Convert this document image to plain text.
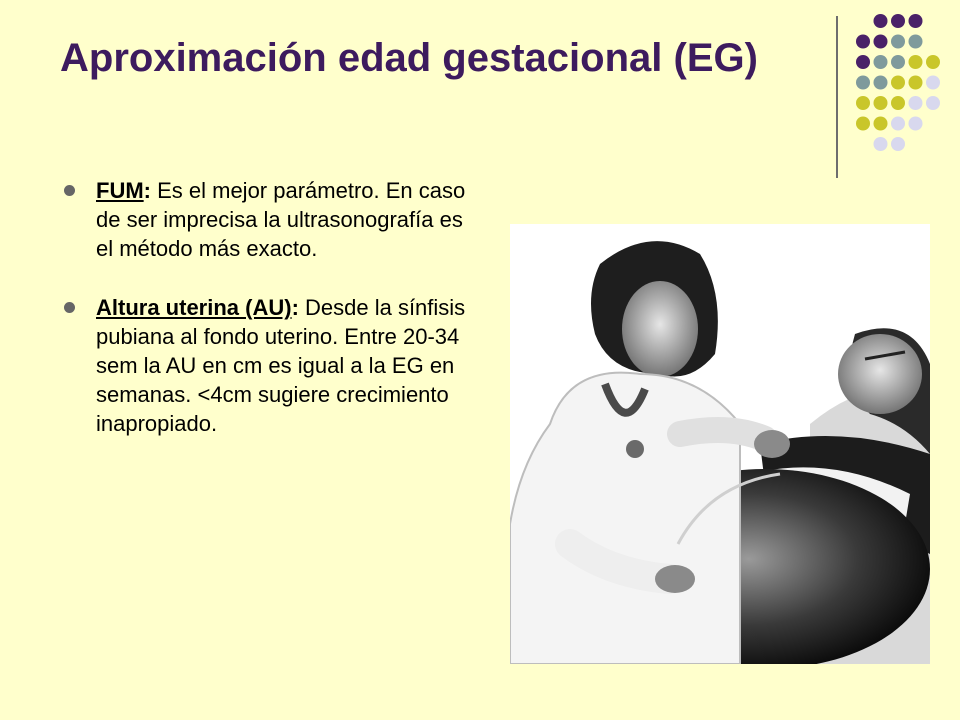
Aproximación edad gestacional (EG)
FUM: Es el mejor parámetro. En caso de ser imprecisa la ultrasonografía es el método más exacto.
Altura uterina (AU): Desde la sínfisis pubiana al fondo uterino. Entre 20-34 sem la AU en cm es igual a la EG en semanas. <4cm sugiere crecimiento inapropiado.
